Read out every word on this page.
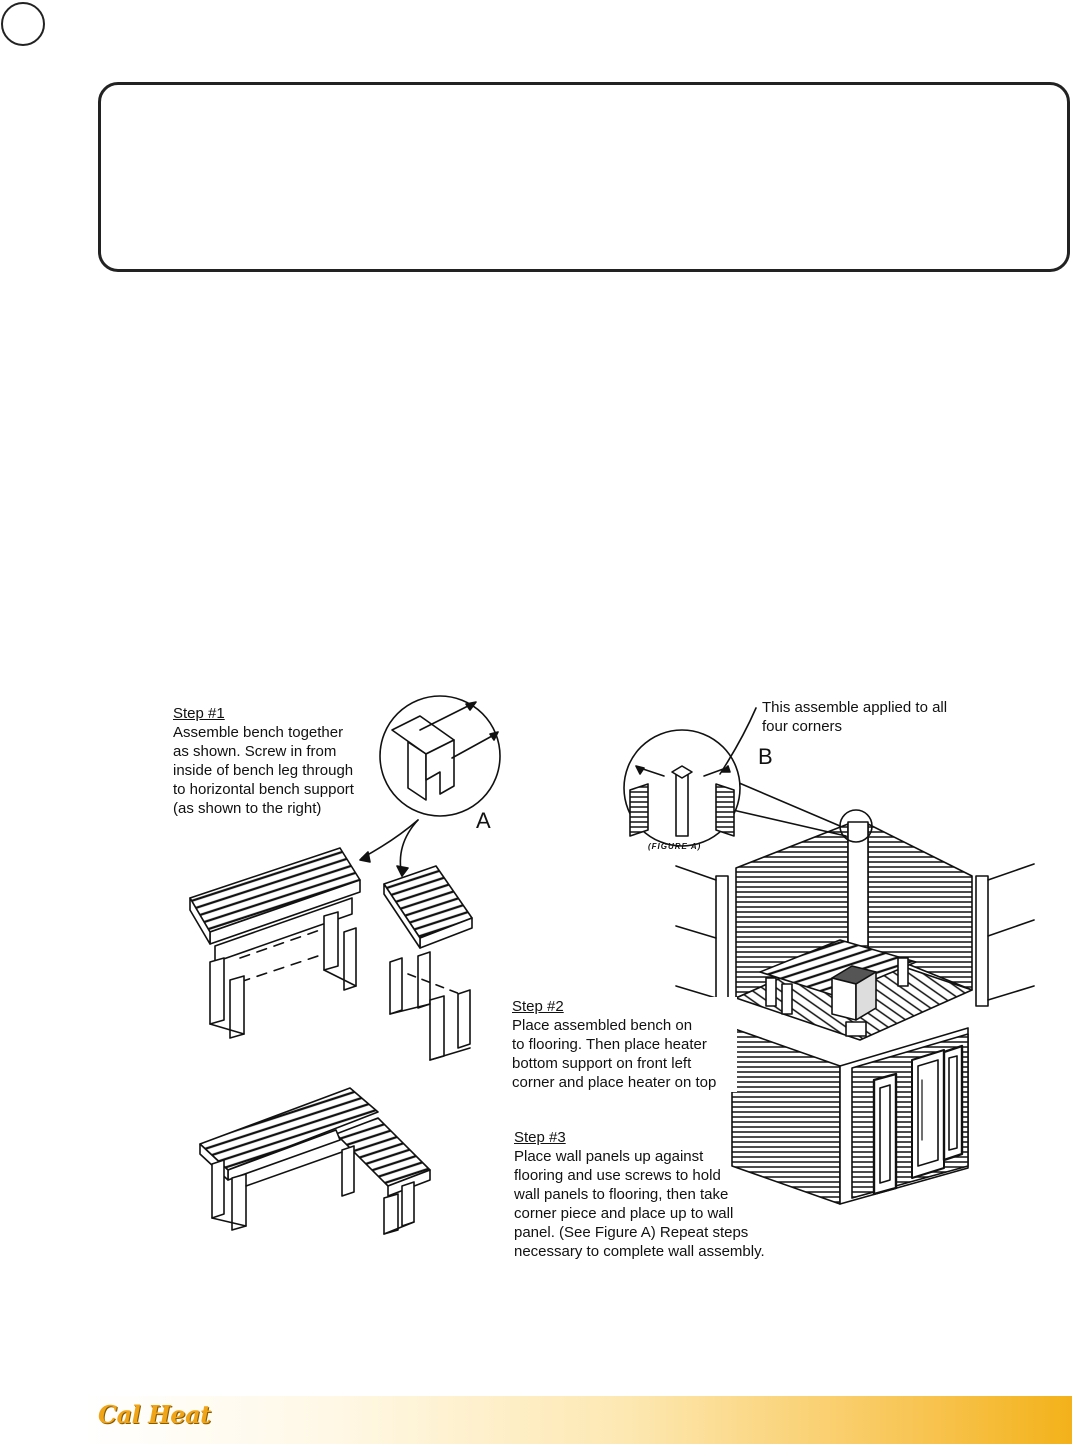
Step #1
Assemble bench together
as shown. Screw in from
inside of bench leg through
to horizontal bench support
(as shown to the right)	A
This assemble applied to all
four corners
B
(FIGURE A)
Step #2
Place assembled bench on
to flooring. Then place heater
bottom support on front left
corner and place heater on top
Step #3
Place wall panels up against
flooring and use screws to hold
wall panels to flooring, then take
corner piece and place up to wall
panel. (See Figure A) Repeat steps
necessary to complete wall assembly.
Cal Heat
